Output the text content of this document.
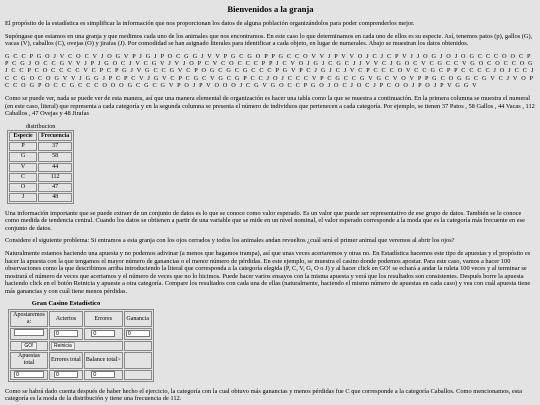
Bienvenidos a la granja

El propósito de la estadística es simplificar la información que nos proporcionan los datos de alguna población organizándolos para poder comprenderlos mejor.

Supóngase que estamos en una granja y que medimos cada uno de los animales que nos encontramos. En este caso lo que determinamos en cada uno de ellos es su especie. Así, tenemos patos (p), gallos (G), vacas (V), caballos (C), ovejas (O) y jirafas (J). Por comodidad se han asignado literales para identificar a cada objeto, en lugar de numerales. Abajo se muestran los datos obtenidos.

G C C P G O J V C O C V J O G V P J G J P O C G G J V V P G C G O P P G C C O V V J P V V O J C J C P V J J O G J O J O G C C C O O C P P C G J O C C G V V J P J G O C J V C G V J V J O P C V C O C C C P P J C V O J G J C G C J J V V C J G O C V C G C C V G O C O C C O G J C C P C O C C C C V C P C P G J V G C C G V C P O G C G C G C C C P G V P C J G J C J V C P C C C O V C C G C P P C C C C J O J C C J C C G O C O G V V J G G J P C P C V J G V C P C G C V G C G P C C J O J C C C V P C G C C G V G C V O V P P G C O G G C G V C J V O P C C O G P O C C G C C C O O O G C G C G V P O J P V O O O J C G V G O C C P G O J O C J O C J P C O O J P O J P V G G V

Como se puede ver, nada se puede ver de esta manera, así que una manera elemental de organización es hacer una tabla como la que se muestra a continuación. En la primera columna se muestra el numeral (en este caso, literal) que representa a cada categoría y en la segunda columna se presenta el número de individuos que pertenecen a cada categoría. Por ejemplo, se tienen 37 Patos , 58 Gallos , 44 Vacas , 112 Caballos , 47 Ovejas y 48 Jirafas

distribucion
Especie	Frecuencia
P	37
G	58
V	44
C	112
O	47
J	48

Una información importante que se puede extraer de un conjunto de datos es lo que se conoce como valor esperado. Es un valor que puede ser representativo de ese grupo de datos. También se le conoce como medida de tendencia central. Cuando los datos se obtienen a partir de una variable que se mide en un nivel nominal, el valor esperado corresponde a la moda que es la categoría más frecuente en ese conjunto de datos.

Considere el siguiente problema: Si entramos a esta granja con los ojos cerrados y todos los animales andan revueltos ¿cuál será el primer animal que veremos al abrir los ojos?

Naturalmente estamos haciendo una apuesta y no podemos adivinar (a menos que hagamos trampa), así que unas veces acertaremos y otras no. En Estadística hacemos este tipo de apuestas y el propósito es hacer la apuesta con la que tengamos el mayor número de ganancias o el menor número de pérdidas. En este ejemplo, se muestra el casino donde podemos apostar. Para este caso, vamos a hacer 100 observaciones como la que describimos arriba introduciendo la literal que corresponda a la categoría elegida (P, C, V, G, O o J) y al hacer click en GO! se echará a andar la ruleta 100 veces y al terminar se mostrará el número de veces que acertamos y el número de veces que no lo hicimos. Puede hacer varios ensayos con la misma apuesta y verá que los resultados son consistentes. Después borre la apuesta haciendo click en el botón Reinicia y apueste a otra categoría. Compare los resultados con cada una de ellas (naturalmente, haciendo el mismo número de apuestas en cada caso) y vea con cuál apuesta tiene más ganancias y con cuál tiene menos pérdidas.

Gran Casino Estadístico
Apostaremos a:	Aciertos	Errores	Ganancia
	0	0	0
GO!	Reinicia		
Apuestas total	Errores total	Balance total>	
0	0	0	

Como se habrá dado cuenta después de haber hecho el ejercicio, la categoría con la cual obtuvo más ganancias y menos pérdidas fue C que corresponde a la categoría Caballos. Como mencionamos, esta categoría es la moda de la distribución y tiene una frecuencia de 112.
